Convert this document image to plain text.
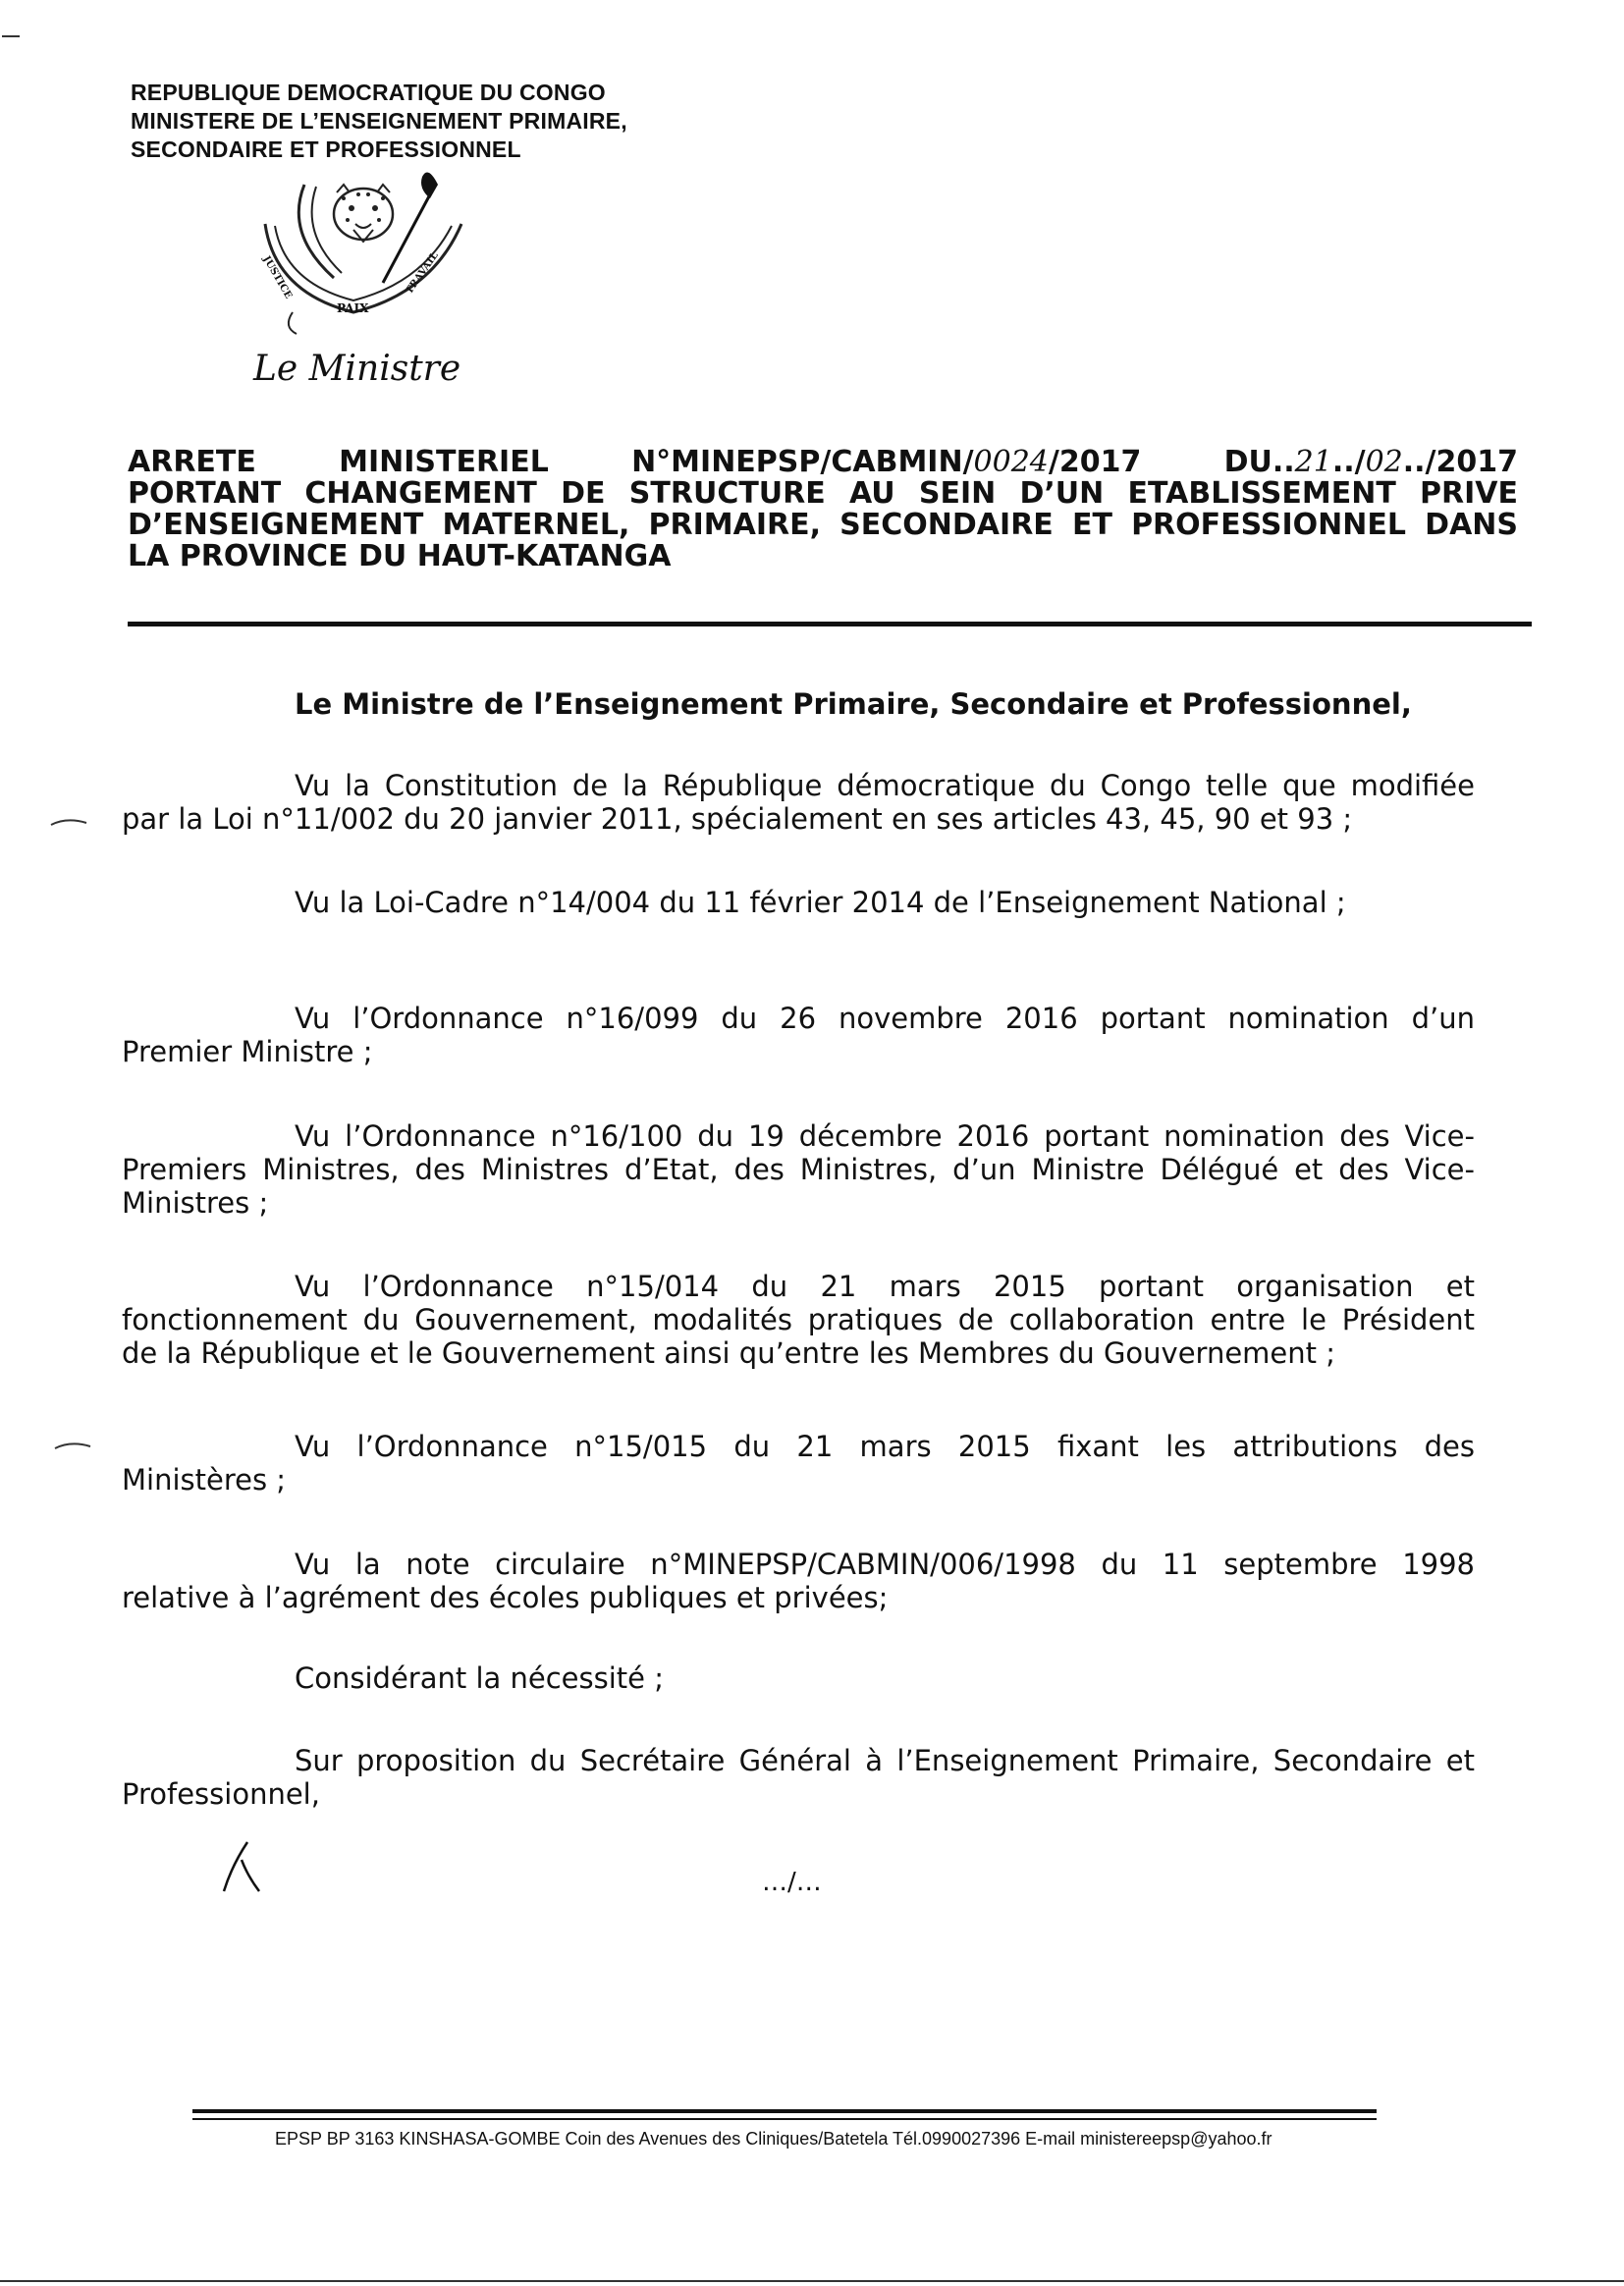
REPUBLIQUE DEMOCRATIQUE DU CONGO
MINISTERE DE L’ENSEIGNEMENT PRIMAIRE,
SECONDAIRE ET PROFESSIONNEL
JUSTICE
PAIX
TRAVAIL
Le Ministre
ARRETE	MINISTERIEL	N°MINEPSP/CABMIN/0024/2017	DU..21../02../2017
PORTANT CHANGEMENT DE STRUCTURE AU SEIN D’UN ETABLISSEMENT PRIVE
D’ENSEIGNEMENT MATERNEL, PRIMAIRE, SECONDAIRE ET PROFESSIONNEL DANS
LA PROVINCE DU HAUT-KATANGA
Le Ministre de l’Enseignement Primaire, Secondaire et Professionnel,
Vu la Constitution de la République démocratique du Congo telle que modifiée
par la Loi n°11/002 du 20 janvier 2011, spécialement en ses articles 43, 45, 90 et 93 ;
Vu la Loi-Cadre n°14/004 du 11 février 2014 de l’Enseignement National ;
Vu l’Ordonnance n°16/099 du 26 novembre 2016 portant nomination d’un
Premier Ministre ;
Vu l’Ordonnance n°16/100 du 19 décembre 2016 portant nomination des Vice-
Premiers Ministres, des Ministres d’Etat, des Ministres, d’un Ministre Délégué et des Vice-
Ministres ;
Vu l’Ordonnance n°15/014 du 21 mars 2015 portant organisation et
fonctionnement du Gouvernement, modalités pratiques de collaboration entre le Président
de la République et le Gouvernement ainsi qu’entre les Membres du Gouvernement ;
Vu l’Ordonnance n°15/015 du 21 mars 2015 fixant les attributions des
Ministères ;
Vu la note circulaire n°MINEPSP/CABMIN/006/1998 du 11 septembre 1998
relative à l’agrément des écoles publiques et privées;
Considérant la nécessité ;
Sur proposition du Secrétaire Général à l’Enseignement Primaire, Secondaire et
Professionnel,
…/…
EPSP BP 3163 KINSHASA-GOMBE Coin des Avenues des Cliniques/Batetela Tél.0990027396 E-mail ministereepsp@yahoo.fr
